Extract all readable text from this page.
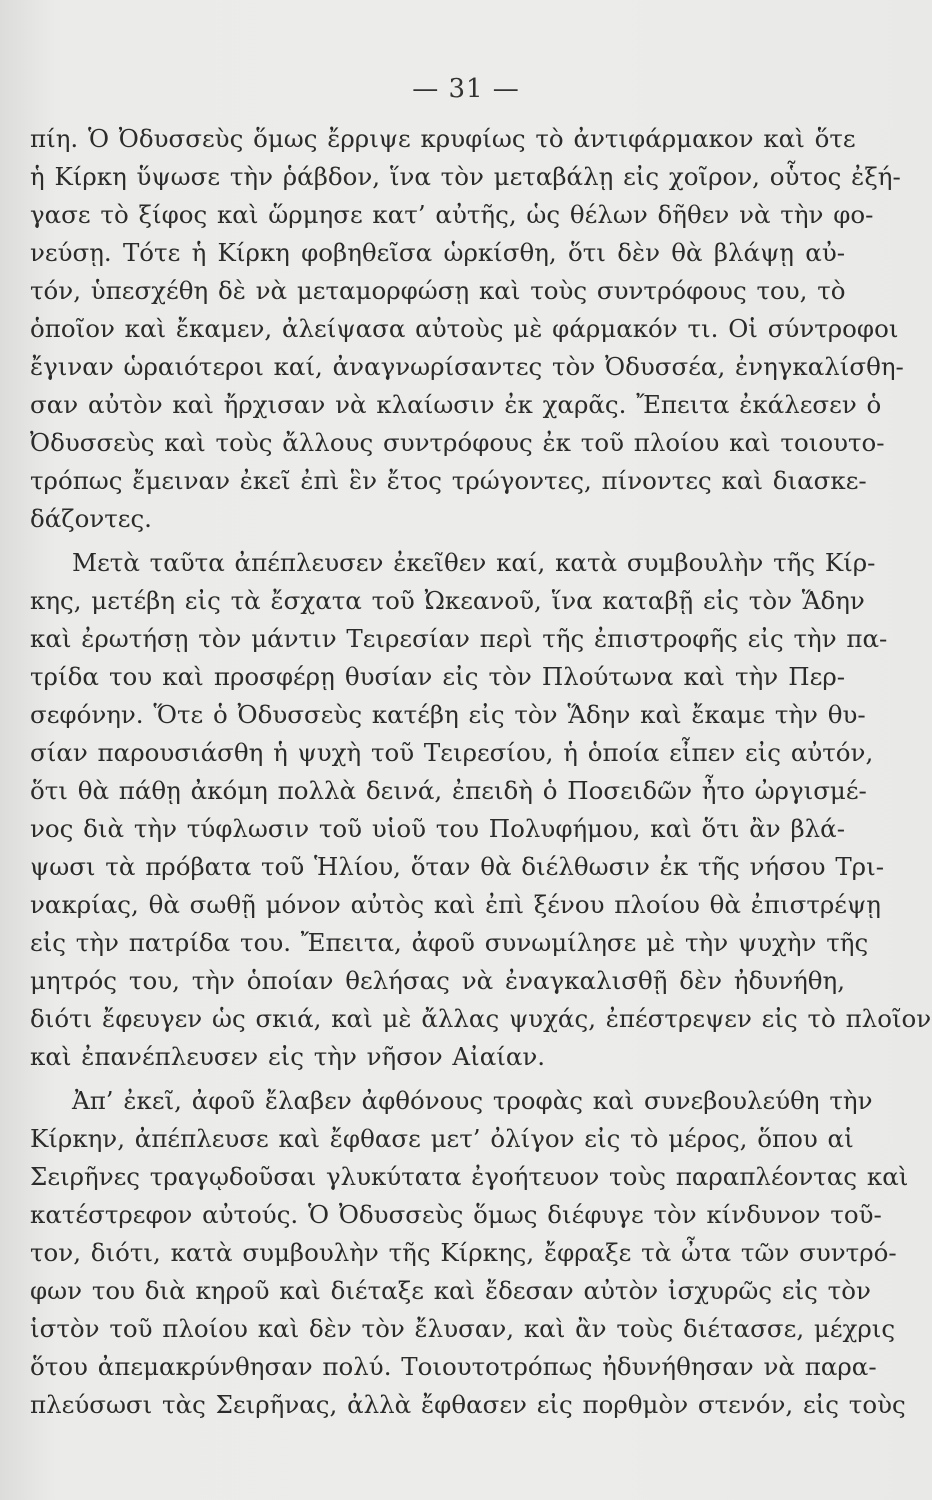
— 31 —
πίη. Ὁ Ὀδυσσεὺς ὅμως ἔρριψε κρυφίως τὸ ἀντιφάρμακον καὶ ὅτε
ἡ Κίρκη ὕψωσε τὴν ῥάβδον, ἵνα τὸν μεταβάλῃ εἰς χοῖρον, οὗτος ἐξή-
γασε τὸ ξίφος καὶ ὥρμησε κατ’ αὐτῆς, ὡς θέλων δῆθεν νὰ τὴν φο-
νεύσῃ. Τότε ἡ Κίρκη φοβηθεῖσα ὡρκίσθη, ὅτι δὲν θὰ βλάψῃ αὐ-
τόν, ὑπεσχέθη δὲ νὰ μεταμορφώσῃ καὶ τοὺς συντρόφους του, τὸ
ὁποῖον καὶ ἔκαμεν, ἀλείψασα αὐτοὺς μὲ φάρμακόν τι. Οἱ σύντροφοι
ἔγιναν ὡραιότεροι καί, ἀναγνωρίσαντες τὸν Ὀδυσσέα, ἐνηγκαλίσθη-
σαν αὐτὸν καὶ ἤρχισαν νὰ κλαίωσιν ἐκ χαρᾶς. Ἔπειτα ἐκάλεσεν ὁ
Ὀδυσσεὺς καὶ τοὺς ἄλλους συντρόφους ἐκ τοῦ πλοίου καὶ τοιουτο-
τρόπως ἔμειναν ἐκεῖ ἐπὶ ἓν ἔτος τρώγοντες, πίνοντες καὶ διασκε-
δάζοντες.
Μετὰ ταῦτα ἀπέπλευσεν ἐκεῖθεν καί, κατὰ συμβουλὴν τῆς Κίρ-
κης, μετέβη εἰς τὰ ἔσχατα τοῦ Ὠκεανοῦ, ἵνα καταβῇ εἰς τὸν Ἅδην
καὶ ἐρωτήσῃ τὸν μάντιν Τειρεσίαν περὶ τῆς ἐπιστροφῆς εἰς τὴν πα-
τρίδα του καὶ προσφέρῃ θυσίαν εἰς τὸν Πλούτωνα καὶ τὴν Περ-
σεφόνην. Ὅτε ὁ Ὀδυσσεὺς κατέβη εἰς τὸν Ἅδην καὶ ἔκαμε τὴν θυ-
σίαν παρουσιάσθη ἡ ψυχὴ τοῦ Τειρεσίου, ἡ ὁποία εἶπεν εἰς αὐτόν,
ὅτι θὰ πάθῃ ἀκόμη πολλὰ δεινά, ἐπειδὴ ὁ Ποσειδῶν ἦτο ὠργισμέ-
νος διὰ τὴν τύφλωσιν τοῦ υἱοῦ του Πολυφήμου, καὶ ὅτι ἂν βλά-
ψωσι τὰ πρόβατα τοῦ Ἡλίου, ὅταν θὰ διέλθωσιν ἐκ τῆς νήσου Τρι-
νακρίας, θὰ σωθῇ μόνον αὐτὸς καὶ ἐπὶ ξένου πλοίου θὰ ἐπιστρέψῃ
εἰς τὴν πατρίδα του. Ἔπειτα, ἀφοῦ συνωμίλησε μὲ τὴν ψυχὴν τῆς
μητρός του, τὴν ὁποίαν θελήσας νὰ ἐναγκαλισθῇ δὲν ἠδυνήθη,
διότι ἔφευγεν ὡς σκιά, καὶ μὲ ἄλλας ψυχάς, ἐπέστρεψεν εἰς τὸ πλοῖον
καὶ ἐπανέπλευσεν εἰς τὴν νῆσον Αἰαίαν.
Ἀπ’ ἐκεῖ, ἀφοῦ ἔλαβεν ἀφθόνους τροφὰς καὶ συνεβουλεύθη τὴν
Κίρκην, ἀπέπλευσε καὶ ἔφθασε μετ’ ὀλίγον εἰς τὸ μέρος, ὅπου αἱ
Σειρῆνες τραγῳδοῦσαι γλυκύτατα ἐγοήτευον τοὺς παραπλέοντας καὶ
κατέστρεφον αὐτούς. Ὁ Ὀδυσσεὺς ὅμως διέφυγε τὸν κίνδυνον τοῦ-
τον, διότι, κατὰ συμβουλὴν τῆς Κίρκης, ἔφραξε τὰ ὦτα τῶν συντρό-
φων του διὰ κηροῦ καὶ διέταξε καὶ ἔδεσαν αὐτὸν ἰσχυρῶς εἰς τὸν
ἱστὸν τοῦ πλοίου καὶ δὲν τὸν ἔλυσαν, καὶ ἂν τοὺς διέτασσε, μέχρις
ὅτου ἀπεμακρύνθησαν πολύ. Τοιουτοτρόπως ἠδυνήθησαν νὰ παρα-
πλεύσωσι τὰς Σειρῆνας, ἀλλὰ ἔφθασεν εἰς πορθμὸν στενόν, εἰς τοὺς
